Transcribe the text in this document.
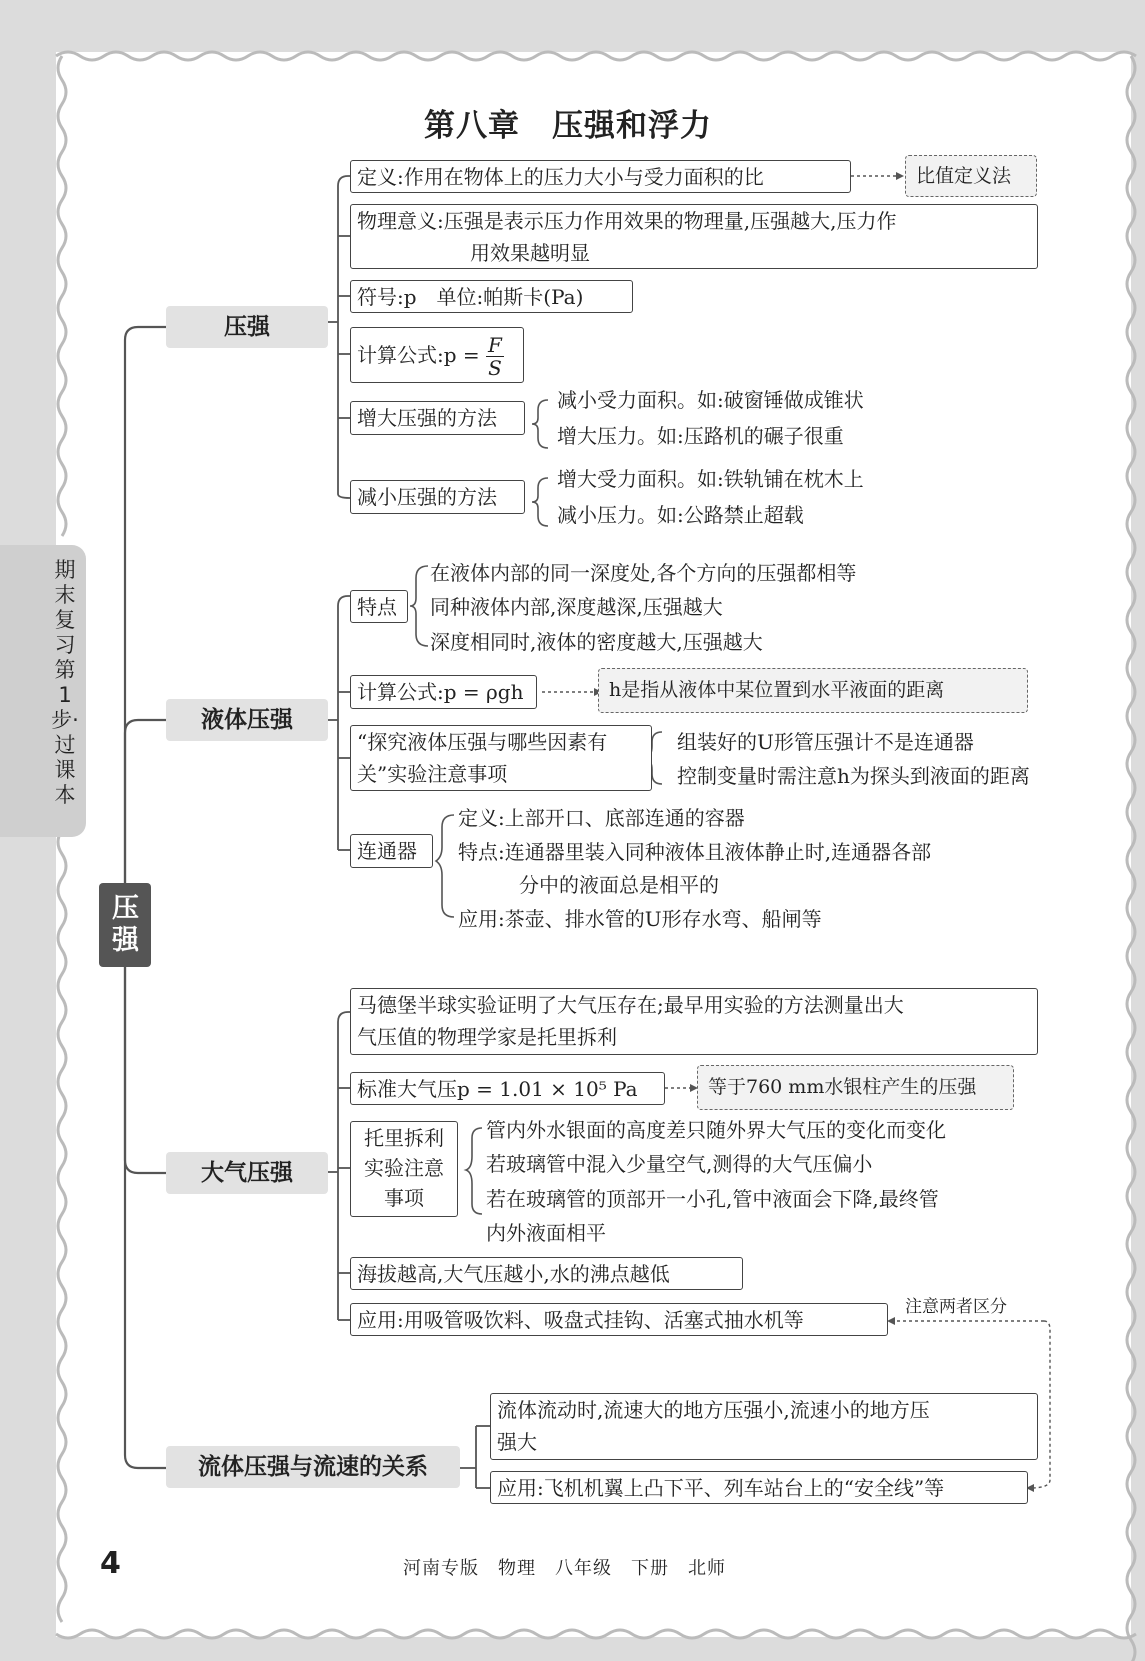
第八章　压强和浮力
期末复习第1步·过课本
压强
压强
定义:作用在物体上的压力大小与受力面积的比	比值定义法
物理意义:压强是表示压力作用效果的物理量,压强越大,压力作
用效果越明显
符号:p　单位:帕斯卡(Pa)
计算公式:p = $\frac{F}{S}$
增大压强的方法
减小受力面积。如:破窗锤做成锥状
增大压力。如:压路机的碾子很重
减小压强的方法
增大受力面积。如:铁轨铺在枕木上
减小压力。如:公路禁止超载
液体压强
特点
在液体内部的同一深度处,各个方向的压强都相等
同种液体内部,深度越深,压强越大
深度相同时,液体的密度越大,压强越大
计算公式:p = ρgh	h是指从液体中某位置到水平液面的距离
“探究液体压强与哪些因素有
关”实验注意事项
组装好的U形管压强计不是连通器
控制变量时需注意h为探头到液面的距离
连通器
定义:上部开口、底部连通的容器
特点:连通器里装入同种液体且液体静止时,连通器各部
分中的液面总是相平的
应用:茶壶、排水管的U形存水弯、船闸等
大气压强
马德堡半球实验证明了大气压存在;最早用实验的方法测量出大
气压值的物理学家是托里拆利
标准大气压p = 1.01 × 10⁵ Pa	等于760 mm水银柱产生的压强
托里拆利
实验注意
事项
管内外水银面的高度差只随外界大气压的变化而变化
若玻璃管中混入少量空气,测得的大气压偏小
若在玻璃管的顶部开一小孔,管中液面会下降,最终管
内外液面相平
海拔越高,大气压越小,水的沸点越低
应用:用吸管吸饮料、吸盘式挂钩、活塞式抽水机等
注意两者区分
流体压强与流速的关系
流体流动时,流速大的地方压强小,流速小的地方压
强大
应用:飞机机翼上凸下平、列车站台上的“安全线”等
4	河南专版　物理　八年级　下册　北师
